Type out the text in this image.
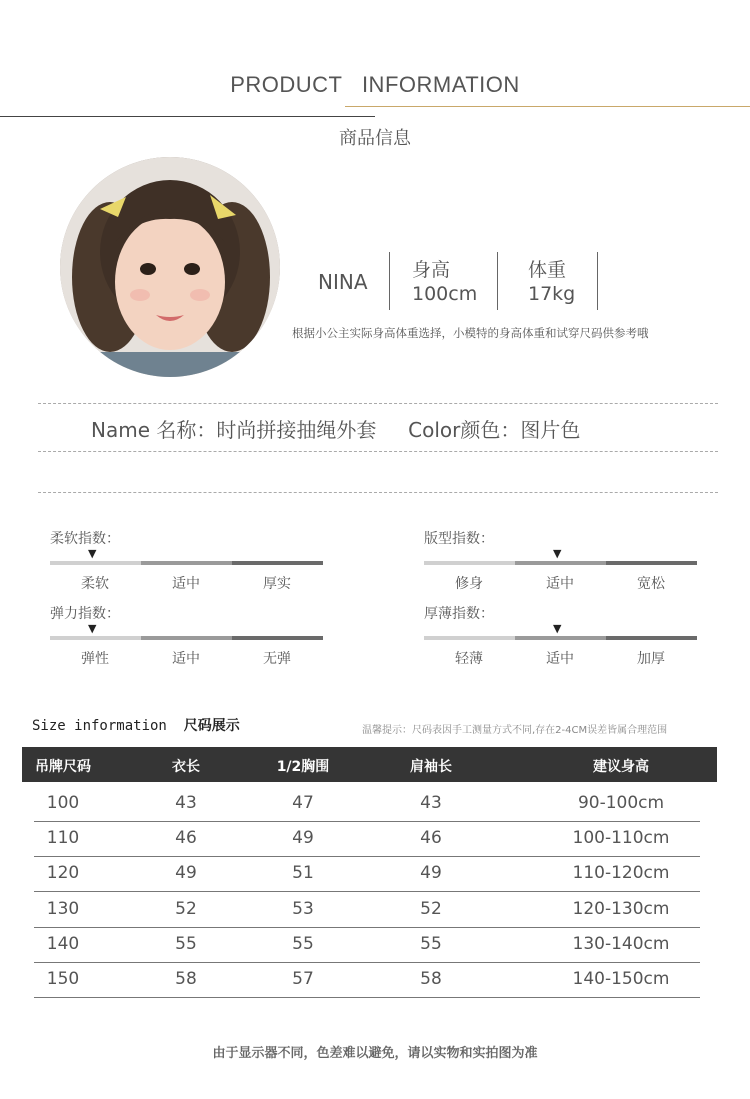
PRODUCT INFORMATION
商品信息
NINA 身高
100cm
体重
17kg
根据小公主实际身高体重选择，小模特的身高体重和试穿尺码供参考哦
Name 名称：时尚拼接抽绳外套 Color颜色：图片色
柔软指数：
▼
柔软	适中	厚实
版型指数：
▼
修身	适中	宽松
弹力指数：
▼
弹性	适中	无弹
厚薄指数：
▼
轻薄	适中	加厚
Size information 尺码展示	温馨提示：尺码表因手工测量方式不同,存在2-4CM误差皆属合理范围
吊牌尺码	衣长	1/2胸围	肩袖长	建议身高
100	43	47	43	90-100cm
110	46	49	46	100-110cm
120	49	51	49	110-120cm
130	52	53	52	120-130cm
140	55	55	55	130-140cm
150	58	57	58	140-150cm
由于显示器不同，色差难以避免，请以实物和实拍图为准
